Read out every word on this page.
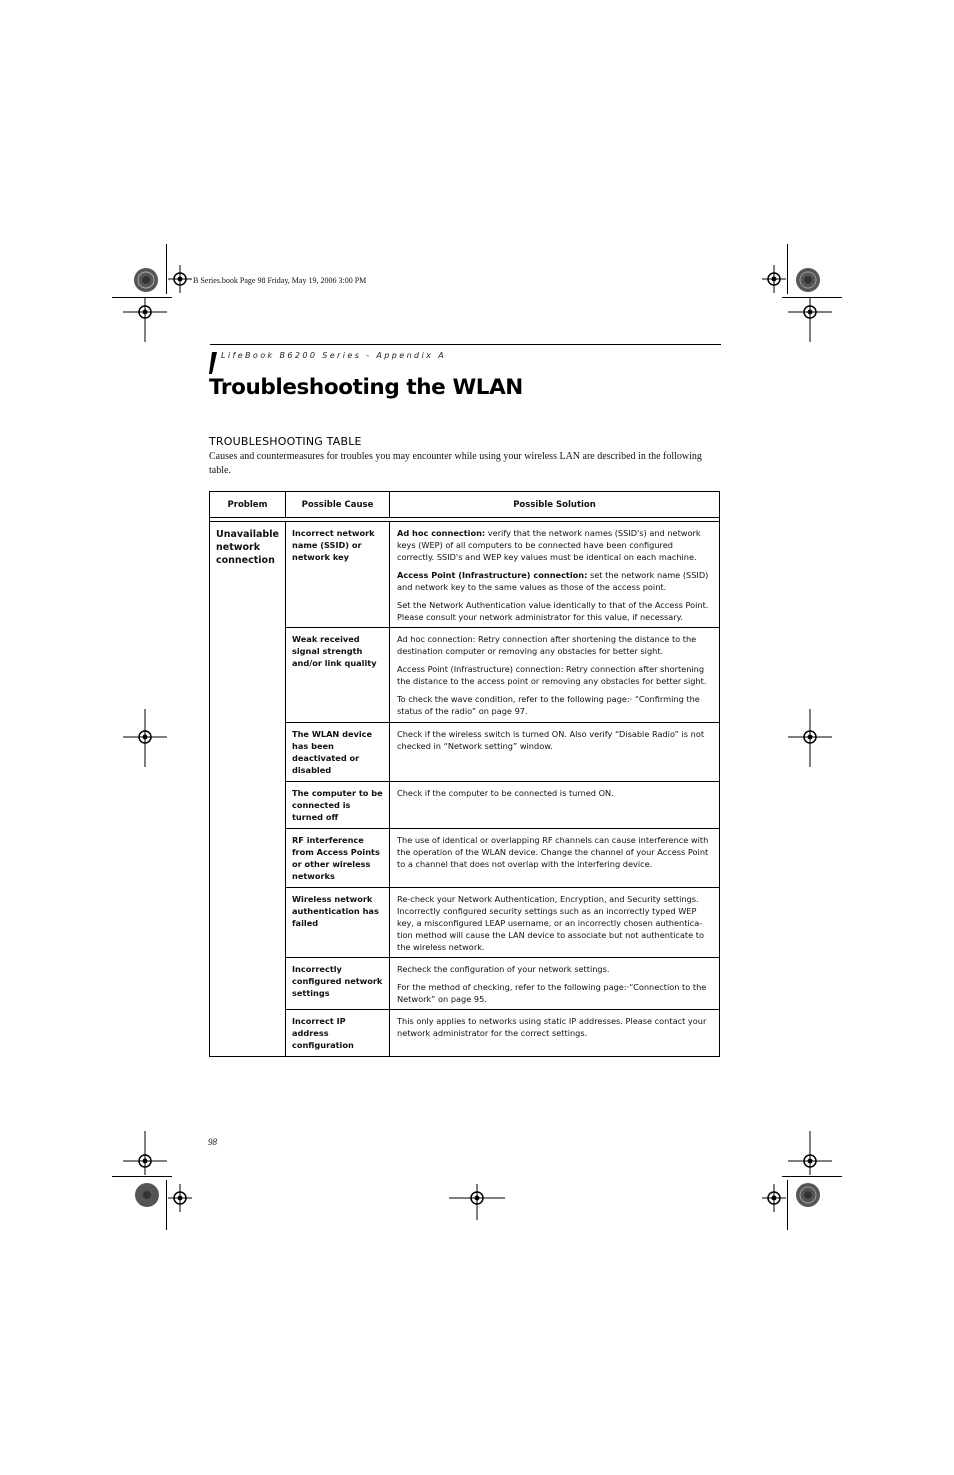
B Series.book Page 98 Friday, May 19, 2006 3:00 PM
LifeBook B6200 Series - Appendix A
Troubleshooting the WLAN
TROUBLESHOOTING TABLE

Causes and countermeasures for troubles you may encounter while using your wireless LAN are described in the following table.

Problem	Possible Cause	Possible Solution
Unavailable network connection
Incorrect network name (SSID) or network key

Ad hoc connection: verify that the network names (SSID's) and network keys (WEP) of all computers to be connected have been configured correctly. SSID's and WEP key values must be identical on each machine.

Access Point (Infrastructure) connection: set the network name (SSID) and network key to the same values as those of the access point.

Set the Network Authentication value identically to that of the Access Point. Please consult your network administrator for this value, if necessary.

Weak received signal strength and/or link quality

Ad hoc connection: Retry connection after shortening the distance to the destination computer or removing any obstacles for better sight.

Access Point (Infrastructure) connection: Retry connection after shortening the distance to the access point or removing any obstacles for better sight.

To check the wave condition, refer to the following page:· “Confirming the status of the radio” on page 97.

The WLAN device has been deactivated or disabled

Check if the wireless switch is turned ON. Also verify “Disable Radio” is not checked in “Network setting” window.

The computer to be connected is turned off

Check if the computer to be connected is turned ON.

RF interference from Access Points or other wireless networks

The use of identical or overlapping RF channels can cause interference with the operation of the WLAN device. Change the channel of your Access Point to a channel that does not overlap with the interfering device.

Wireless network authentication has failed

Re-check your Network Authentication, Encryption, and Security settings. Incorrectly configured security settings such as an incorrectly typed WEP key, a misconfigured LEAP username, or an incorrectly chosen authentica-tion method will cause the LAN device to associate but not authenticate to the wireless network.

Incorrectly configured network settings

Recheck the configuration of your network settings.

For the method of checking, refer to the following page:·“Connection to the Network” on page 95.

Incorrect IP address configuration

This only applies to networks using static IP addresses. Please contact your network administrator for the correct settings.

98
